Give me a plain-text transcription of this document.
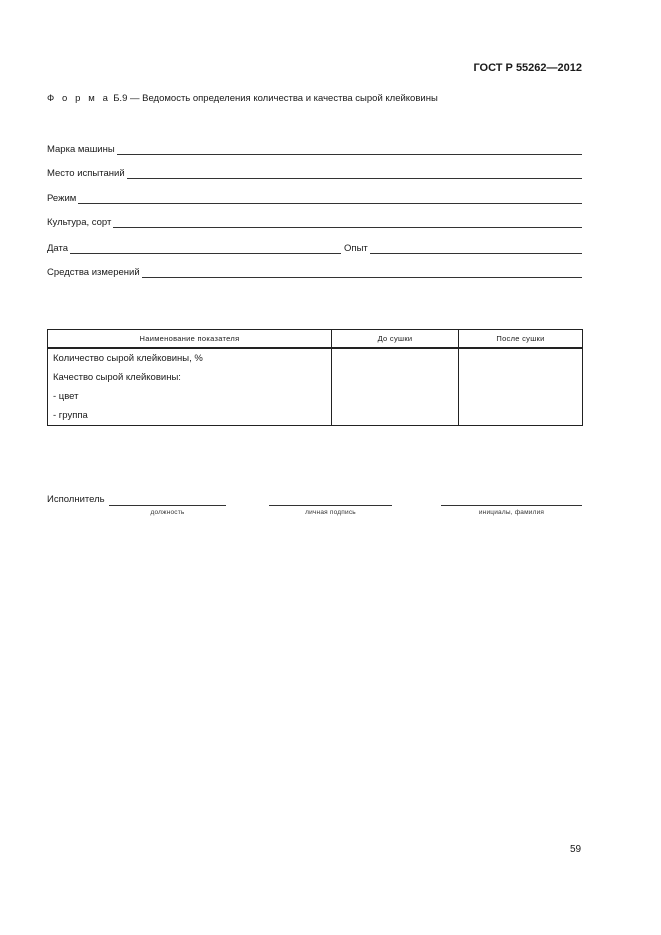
ГОСТ Р 55262—2012
Ф о р м а Б.9 — Ведомость определения количества и качества сырой клейковины
Марка машины
Место испытаний
Режим
Культура, сорт
Дата	Опыт
Средства измерений
Наименование показателя	До сушки	После сушки

Количество сырой клейковины, %
Качество сырой клейковины:
- цвет
- группа		

Исполнитель
должность	личная подпись	инициалы, фамилия
59
